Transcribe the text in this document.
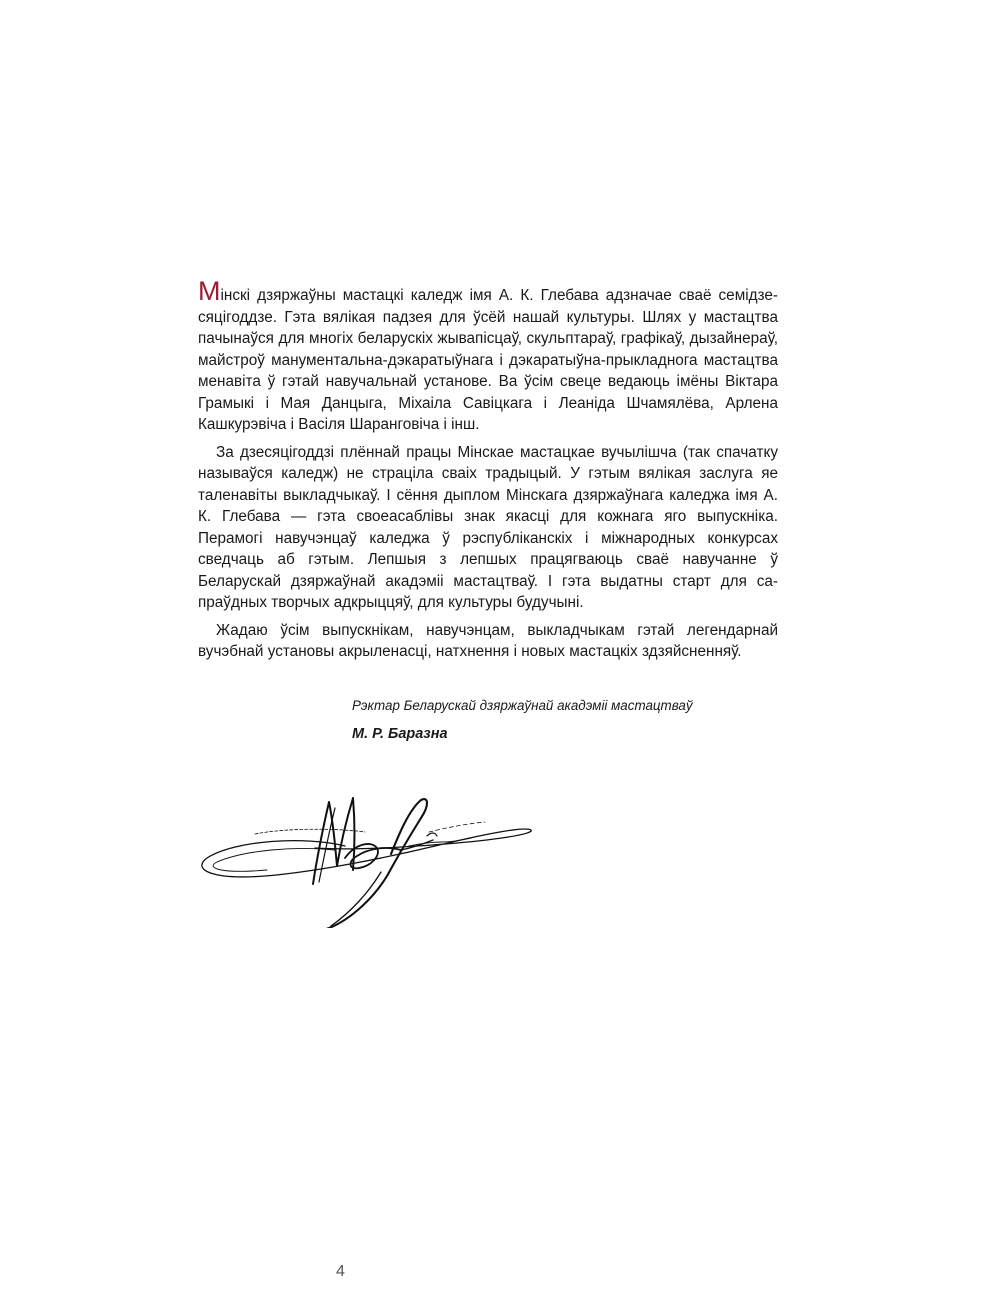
Мінскі дзяржаўны мастацкі каледж імя А. К. Глебава адзначае сваё семідзесяцігоддзе. Гэта вялікая падзея для ўсёй нашай культуры. Шлях у мастацтва пачынаўся для многіх беларускіх жывапісцаў, скульптараў, графікаў, дызайнераў, майстроў манументальна-дэкаратыўнага і дэкаратыўна-прыкладнога мастацтва менавіта ў гэтай навучальнай установе. Ва ўсім свеце ведаюць імёны Віктара Грамыкі і Мая Данцыга, Міхаіла Савіцкага і Леаніда Шчамялёва, Арлена Кашкурэвіча і Васіля Шаранговіча і інш.

За дзесяцігоддзі плённай працы Мінскае мастацкае вучылішча (так спачатку называўся каледж) не страціла сваіх традыцый. У гэтым вялікая заслуга яе таленавіты выкладчыкаў. І сёння дыплом Мінскага дзяржаўнага каледжа імя А. К. Глебава — гэта своеасаблівы знак якасці для кожнага яго выпускніка. Перамогі навучэнцаў каледжа ў рэспубліканскіх і міжнародных конкурсах сведчаць аб гэтым. Лепшыя з лепшых працягваюць сваё навучанне ў Беларускай дзяржаўнай акадэміі мастацтваў. І гэта выдатны старт для сапраўдных творчых адкрыццяў, для культуры будучыні.

Жадаю ўсім выпускнікам, навучэнцам, выкладчыкам гэтай легендарнай вучэбнай установы акрыленасці, натхнення і новых мастацкіх здзяйсненняў.

Рэктар Беларускай дзяржаўнай акадэміі мастацтваў

М. Р. Баразна

4
